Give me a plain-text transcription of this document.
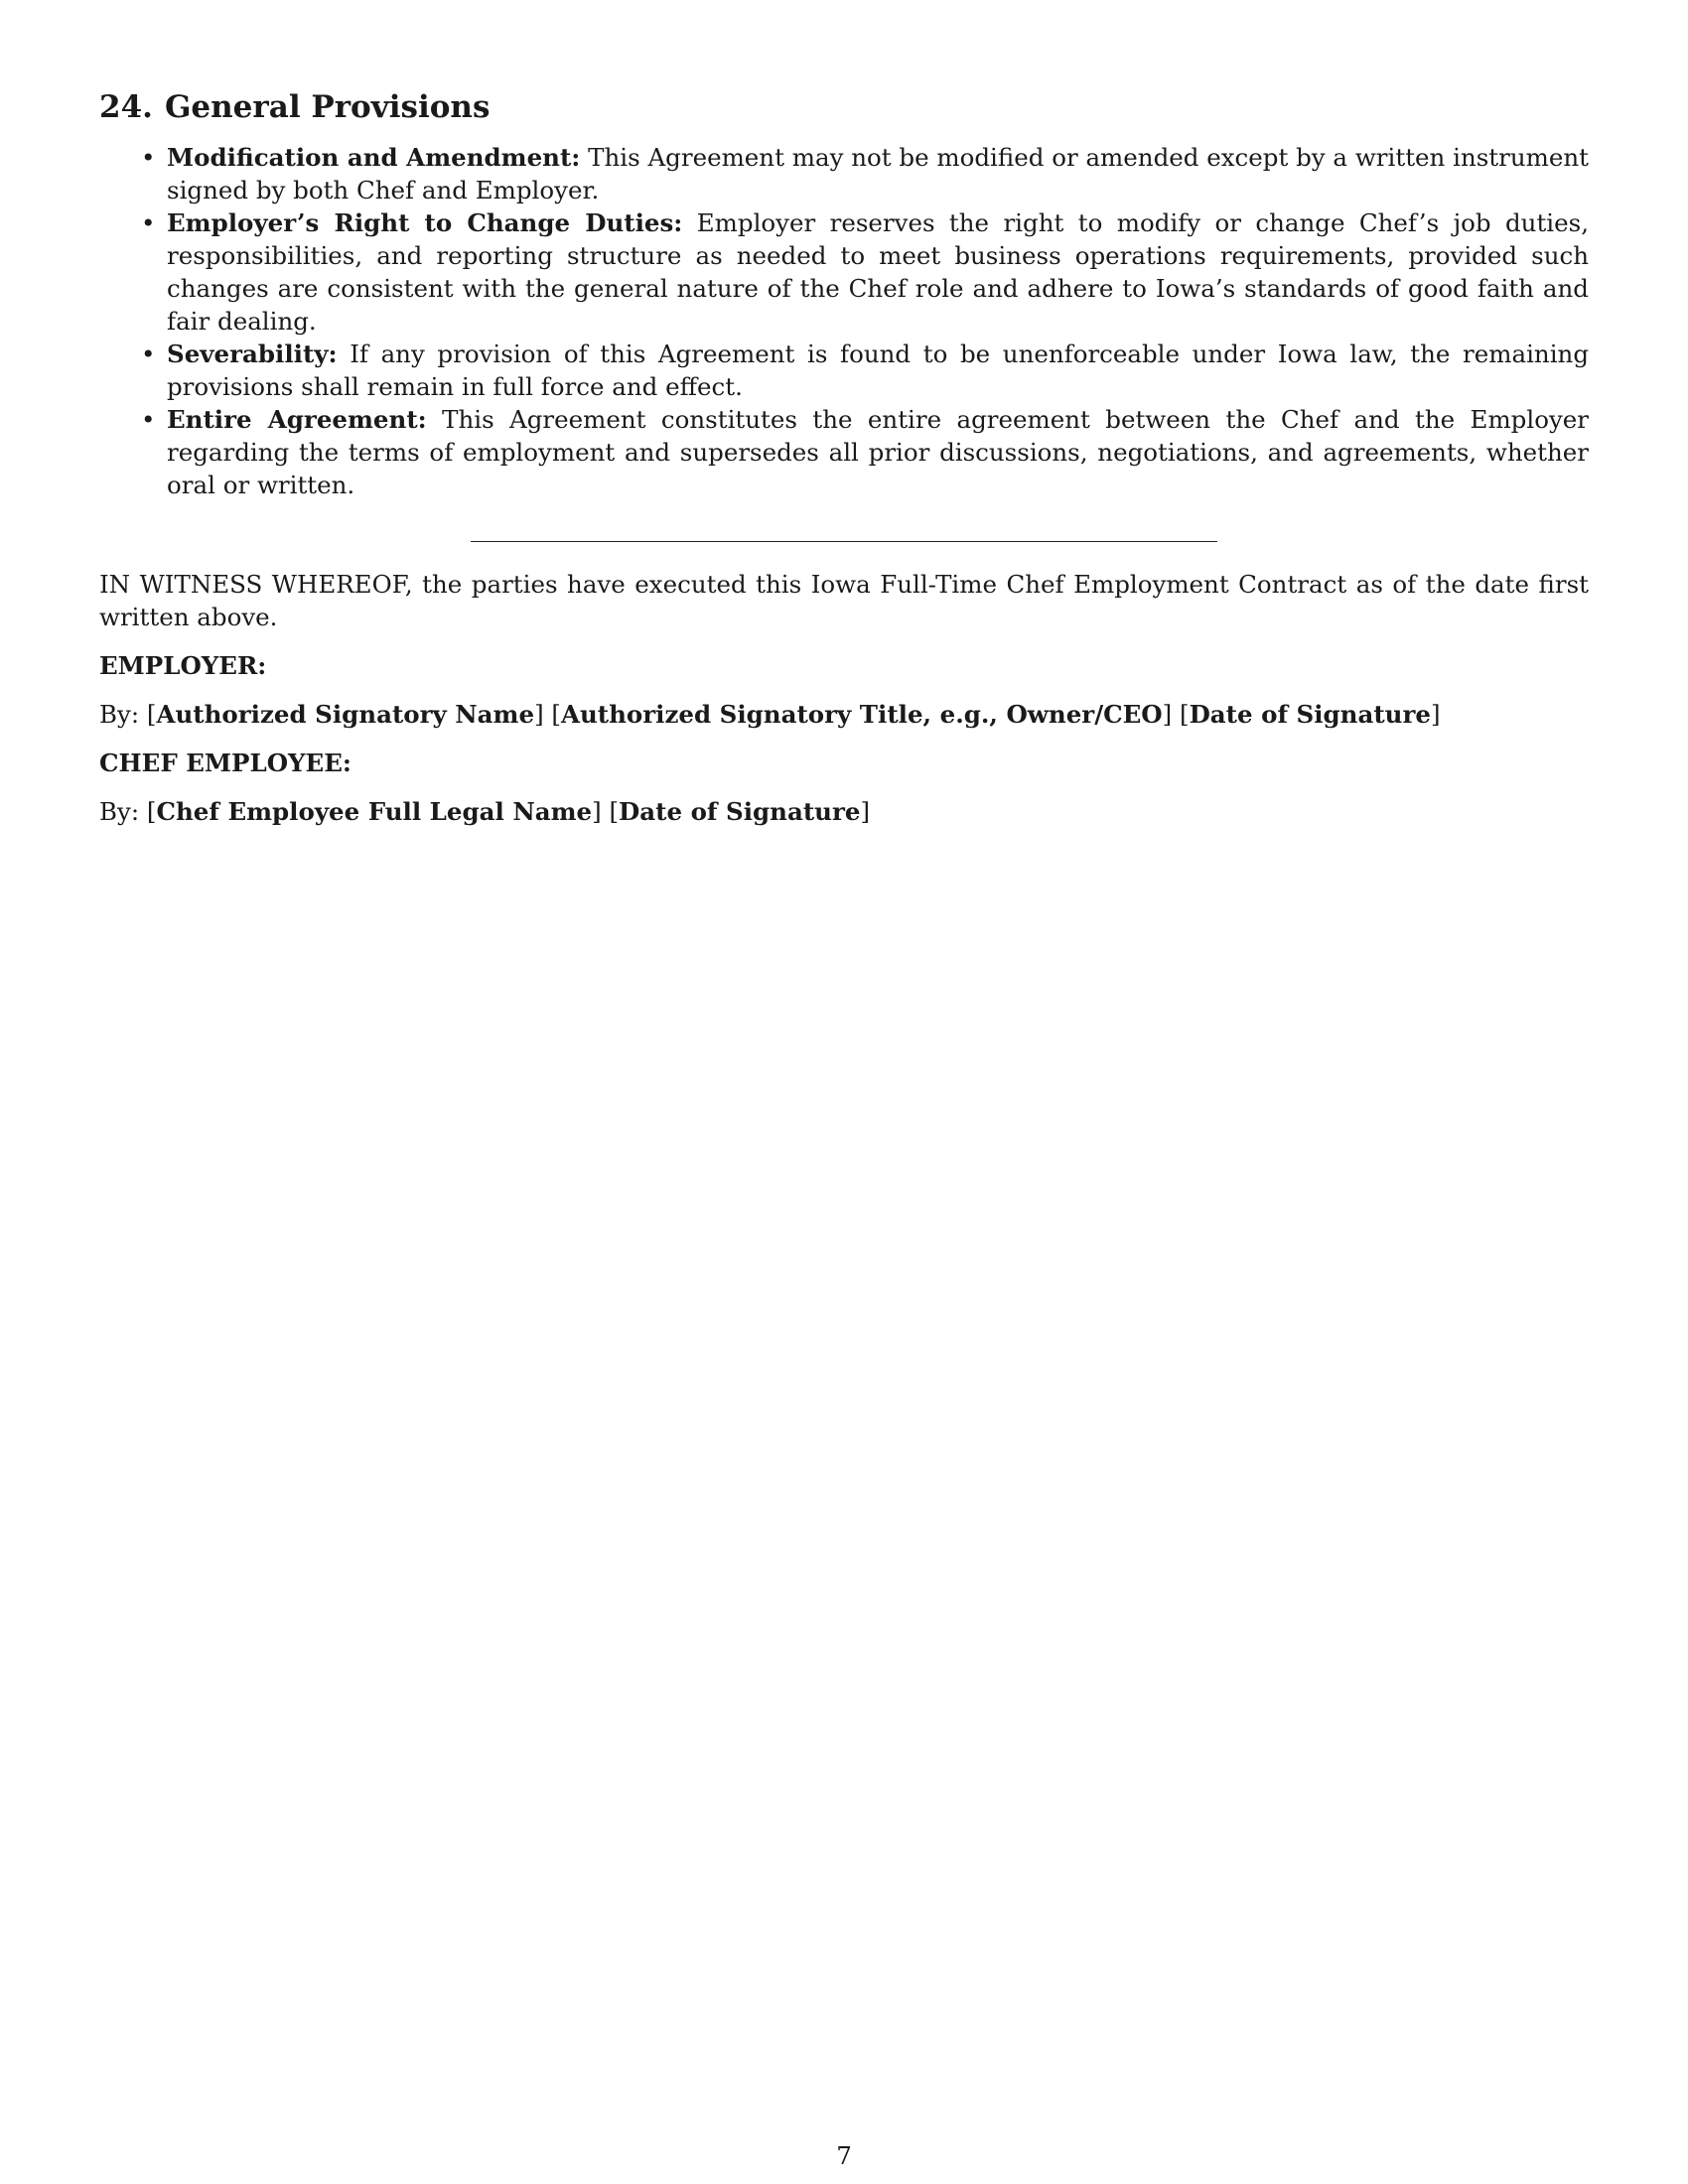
24. General Provisions
• Modification and Amendment: This Agreement may not be modified or amended except by a written instrument signed by both Chef and Employer.
• Employer’s Right to Change Duties: Employer reserves the right to modify or change Chef’s job duties, responsibilities, and reporting structure as needed to meet business operations requirements, provided such changes are consistent with the general nature of the Chef role and adhere to Iowa’s standards of good faith and fair dealing.
• Severability: If any provision of this Agreement is found to be unenforceable under Iowa law, the remaining provisions shall remain in full force and effect.
• Entire Agreement: This Agreement constitutes the entire agreement between the Chef and the Employer regarding the terms of employment and supersedes all prior discussions, negotiations, and agreements, whether oral or written.

IN WITNESS WHEREOF, the parties have executed this Iowa Full-Time Chef Employment Contract as of the date first written above.

EMPLOYER:

By: [Authorized Signatory Name] [Authorized Signatory Title, e.g., Owner/CEO] [Date of Signature]

CHEF EMPLOYEE:

By: [Chef Employee Full Legal Name] [Date of Signature]

7
